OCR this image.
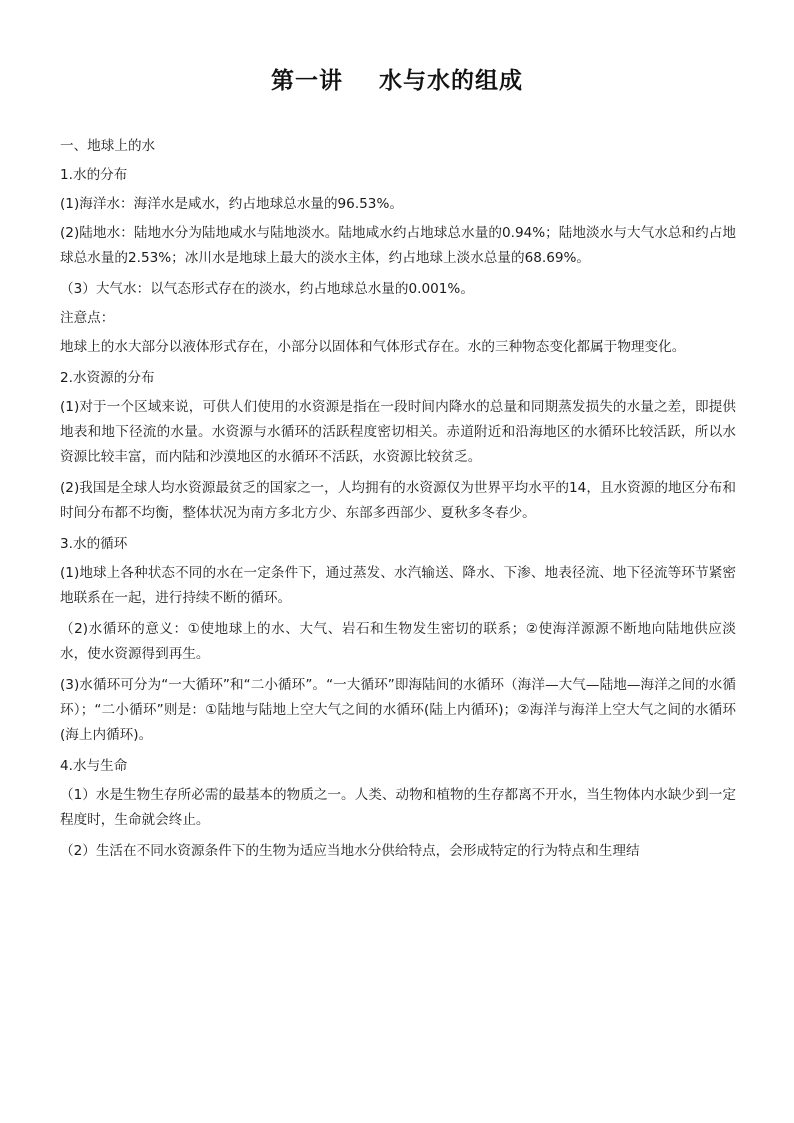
第一讲    水与水的组成

一、地球上的水

1.水的分布

(1)海洋水：海洋水是咸水，约占地球总水量的96.53%。

(2)陆地水：陆地水分为陆地咸水与陆地淡水。陆地咸水约占地球总水量的0.94%；陆地淡水与大气水总和约占地球总水量的2.53%；冰川水是地球上最大的淡水主体，约占地球上淡水总量的68.69%。

（3）大气水：以气态形式存在的淡水，约占地球总水量的0.001%。

注意点：

地球上的水大部分以液体形式存在，小部分以固体和气体形式存在。水的三种物态变化都属于物理变化。

2.水资源的分布

(1)对于一个区域来说，可供人们使用的水资源是指在一段时间内降水的总量和同期蒸发损失的水量之差，即提供地表和地下径流的水量。水资源与水循环的活跃程度密切相关。赤道附近和沿海地区的水循环比较活跃，所以水资源比较丰富，而内陆和沙漠地区的水循环不活跃，水资源比较贫乏。

(2)我国是全球人均水资源最贫乏的国家之一，人均拥有的水资源仅为世界平均水平的14，且水资源的地区分布和时间分布都不均衡，整体状况为南方多北方少、东部多西部少、夏秋多冬春少。

3.水的循环

(1)地球上各种状态不同的水在一定条件下，通过蒸发、水汽输送、降水、下渗、地表径流、地下径流等环节紧密地联系在一起，进行持续不断的循环。

（2)水循环的意义：①使地球上的水、大气、岩石和生物发生密切的联系；②使海洋源源不断地向陆地供应淡水，使水资源得到再生。

(3)水循环可分为“一大循环”和“二小循环”。“一大循环”即海陆间的水循环（海洋—大气—陆地—海洋之间的水循环）；“二小循环”则是：①陆地与陆地上空大气之间的水循环(陆上内循环)；②海洋与海洋上空大气之间的水循环(海上内循环)。

4.水与生命

（1）水是生物生存所必需的最基本的物质之一。人类、动物和植物的生存都离不开水，当生物体内水缺少到一定程度时，生命就会终止。

（2）生活在不同水资源条件下的生物为适应当地水分供给特点，会形成特定的行为特点和生理结
